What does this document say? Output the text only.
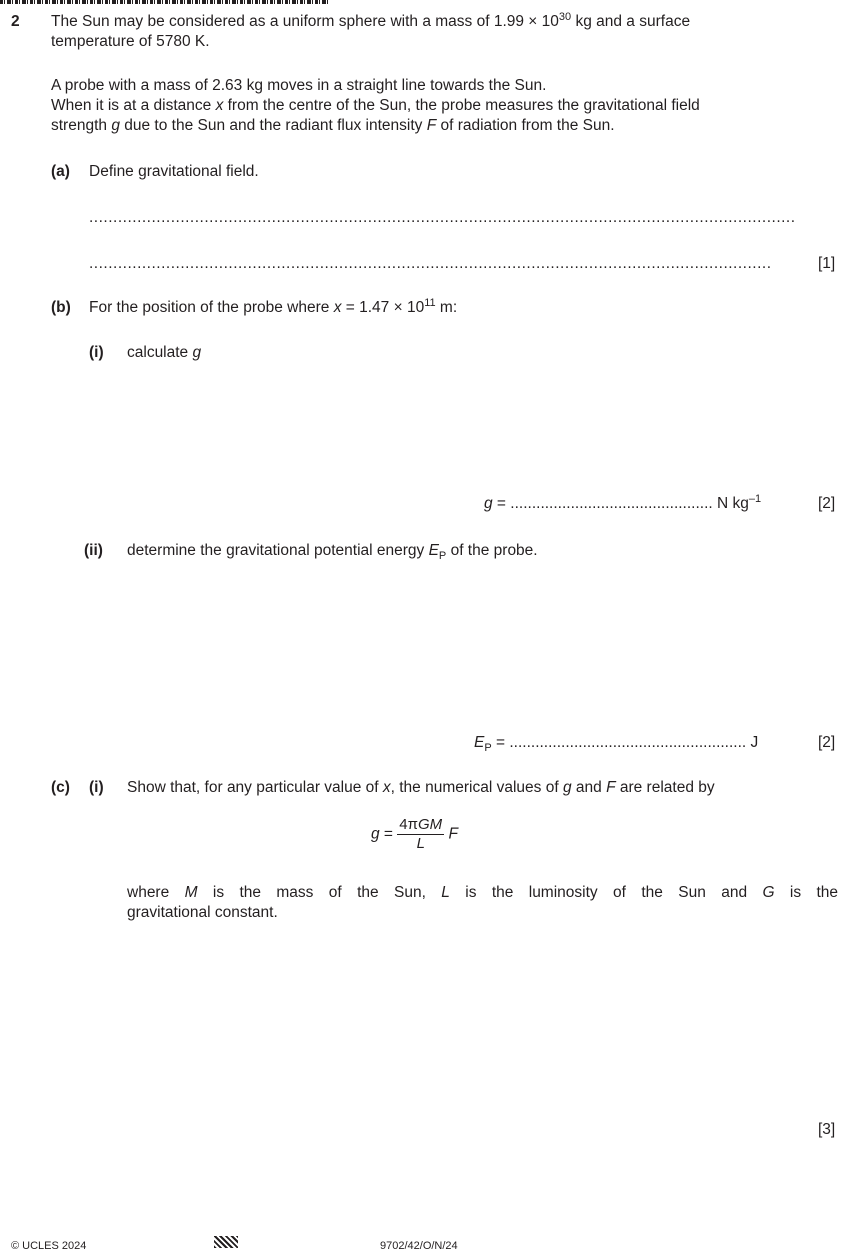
2 The Sun may be considered as a uniform sphere with a mass of $1.99 \times 10^{30}$ kg and a surface
temperature of 5780 K.
A probe with a mass of 2.63 kg moves in a straight line towards the Sun.
When it is at a distance x from the centre of the Sun, the probe measures the gravitational field
strength g due to the Sun and the radiant flux intensity F of radiation from the Sun.
(a) Define gravitational field.
...................................................................................................................................................
..............................................................................................................................................	[1]
(b) For the position of the probe where $x = 1.47 \times 10^{11}$ m:
(i) calculate g
g = ............................................... N $kg^{-1}$	[2]
(ii) determine the gravitational potential energy $E_P$ of the probe.
$E_P$ = ....................................................... J	[2]
(c) (i) Show that, for any particular value of x, the numerical values of g and F are related by
$g = \frac{\text{4πGM}}{L}$ F
where M is the mass of the Sun, L is the luminosity of the Sun and G is the
gravitational constant.
[3]
© UCLES 2024	9702/42/O/N/24
